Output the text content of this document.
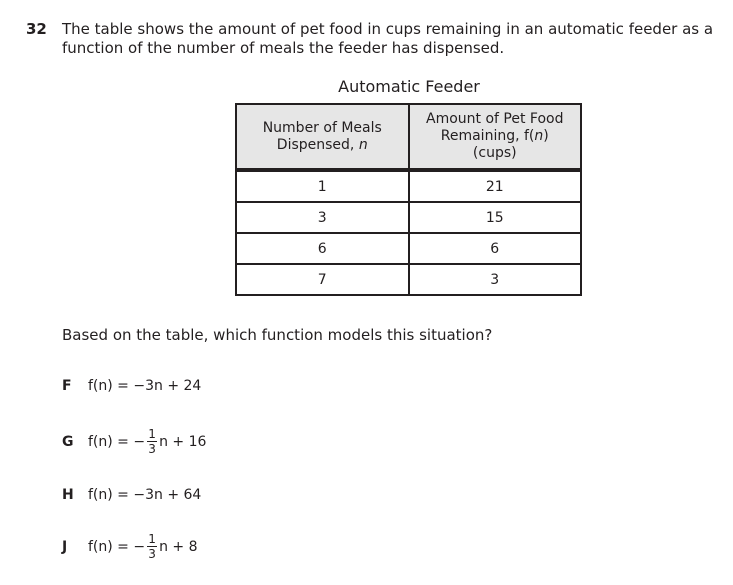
32 The table shows the amount of pet food in cups remaining in an automatic feeder as a function of the number of meals the feeder has dispensed.
Automatic Feeder
Number of Meals
Dispensed, n	Amount of Pet Food
Remaining, f(n)
(cups)
1	21
3	15
6	6
7	3
Based on the table, which function models this situation?
F	f(n) = −3n + 24
G	f(n) = − $\frac{1}{3}$ n + 16
H	f(n) = −3n + 64
J	f(n) = − $\frac{1}{3}$ n + 8
